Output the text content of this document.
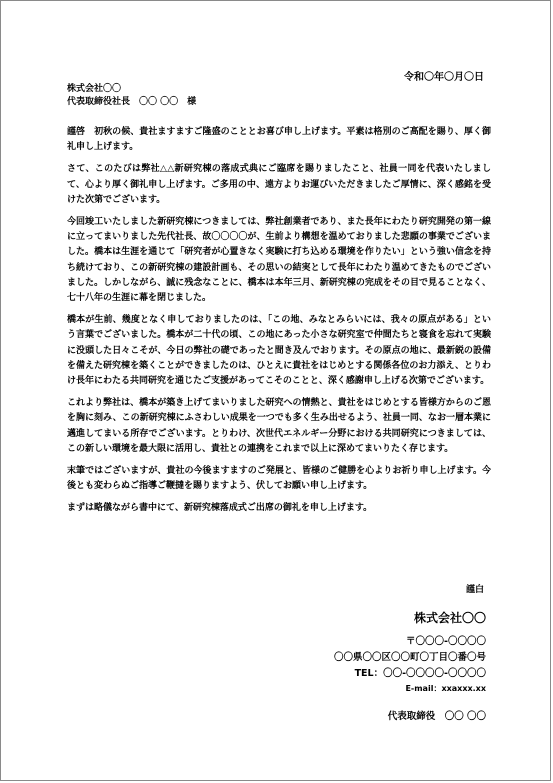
令和〇年〇月〇日
株式会社〇〇
代表取締役社長　〇〇 〇〇　様

謹啓　初秋の候、貴社ますますご隆盛のこととお喜び申し上げます。平素は格別のご高配を賜り、厚く御礼申し上げます。

さて、このたびは弊社△△新研究棟の落成式典にご臨席を賜りましたこと、社員一同を代表いたしまして、心より厚く御礼申し上げます。ご多用の中、遠方よりお運びいただきましたご厚情に、深く感銘を受けた次第でございます。

今回竣工いたしました新研究棟につきましては、弊社創業者であり、また長年にわたり研究開発の第一線に立ってまいりました先代社長、故〇〇〇〇が、生前より構想を温めておりました悲願の事業でございました。橋本は生涯を通じて「研究者が心置きなく実験に打ち込める環境を作りたい」という強い信念を持ち続けており、この新研究棟の建設計画も、その思いの結実として長年にわたり温めてきたものでございました。しかしながら、誠に残念なことに、橋本は本年三月、新研究棟の完成をその目で見ることなく、七十八年の生涯に幕を閉じました。

橋本が生前、幾度となく申しておりましたのは、「この地、みなとみらいには、我々の原点がある」という言葉でございました。橋本が二十代の頃、この地にあった小さな研究室で仲間たちと寝食を忘れて実験に没頭した日々こそが、今日の弊社の礎であったと間き及んでおります。その原点の地に、最新鋭の設備を備えた研究棟を築くことができましたのは、ひとえに貴社をはじめとする関係各位のお力添え、とりわけ長年にわたる共同研究を通じたご支援があってこそのことと、深く感謝申し上げる次第でございます。

これより弊社は、橋本が築き上げてまいりました研究への情熱と、貴社をはじめとする皆様方からのご恩を胸に刻み、この新研究棟にふさわしい成果を一つでも多く生み出せるよう、社員一同、なお一層本業に邁進してまいる所存でございます。とりわけ、次世代エネルギー分野における共同研究につきましては、この新しい環境を最大限に活用し、貴社との連携をこれまで以上に深めてまいりたく存じます。

末筆ではございますが、貴社の今後ますますのご発展と、皆様のご健勝を心よりお祈り申し上げます。今後とも変わらぬご指導ご鞭撻を賜りますよう、伏してお願い申し上げます。

まずは略儀ながら書中にて、新研究棟落成式ご出席の御礼を申し上げます。

謹白
株式会社〇〇
〒〇〇〇-〇〇〇〇
〇〇県〇〇区〇〇町〇丁目〇番〇号
TEL：〇〇-〇〇〇〇-〇〇〇〇
E-mail：xxaxxx.xx
代表取締役　〇〇 〇〇
